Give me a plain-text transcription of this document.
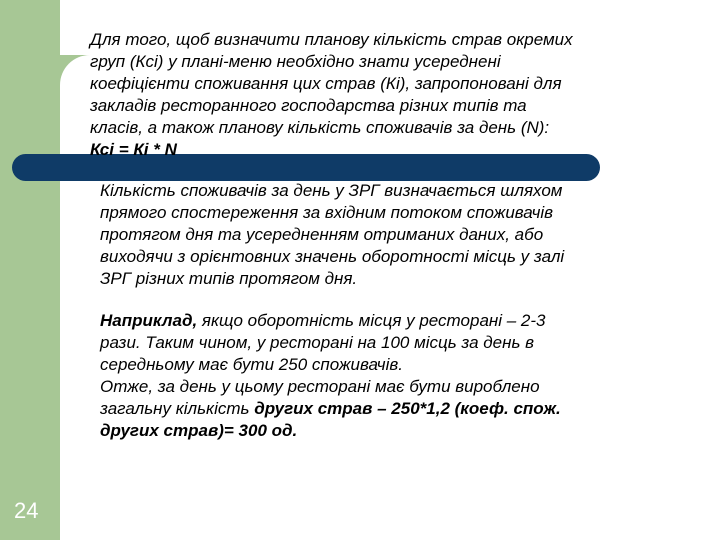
Для того, щоб визначити планову кількість страв окремих
груп (Ксі) у плані-меню необхідно знати усереднені
коефіцієнти споживання цих страв (Кі), запропоновані для
закладів ресторанного господарства різних типів та
класів, а також планову кількість споживачів за день (N):
Ксі = Кі * N

Кількість споживачів за день у ЗРГ визначається шляхом
прямого спостереження за вхідним потоком споживачів
протягом дня та усередненням отриманих даних, або
виходячи з орієнтовних значень оборотності місць у залі
ЗРГ різних типів протягом дня.

Наприклад, якщо оборотність місця у ресторані – 2-3
рази. Таким чином, у ресторані на 100 місць за день в
середньому має бути 250 споживачів.
Отже, за день у цьому ресторані має бути вироблено
загальну кількість других страв – 250*1,2 (коеф. спож.
других страв)= 300 од.

24
